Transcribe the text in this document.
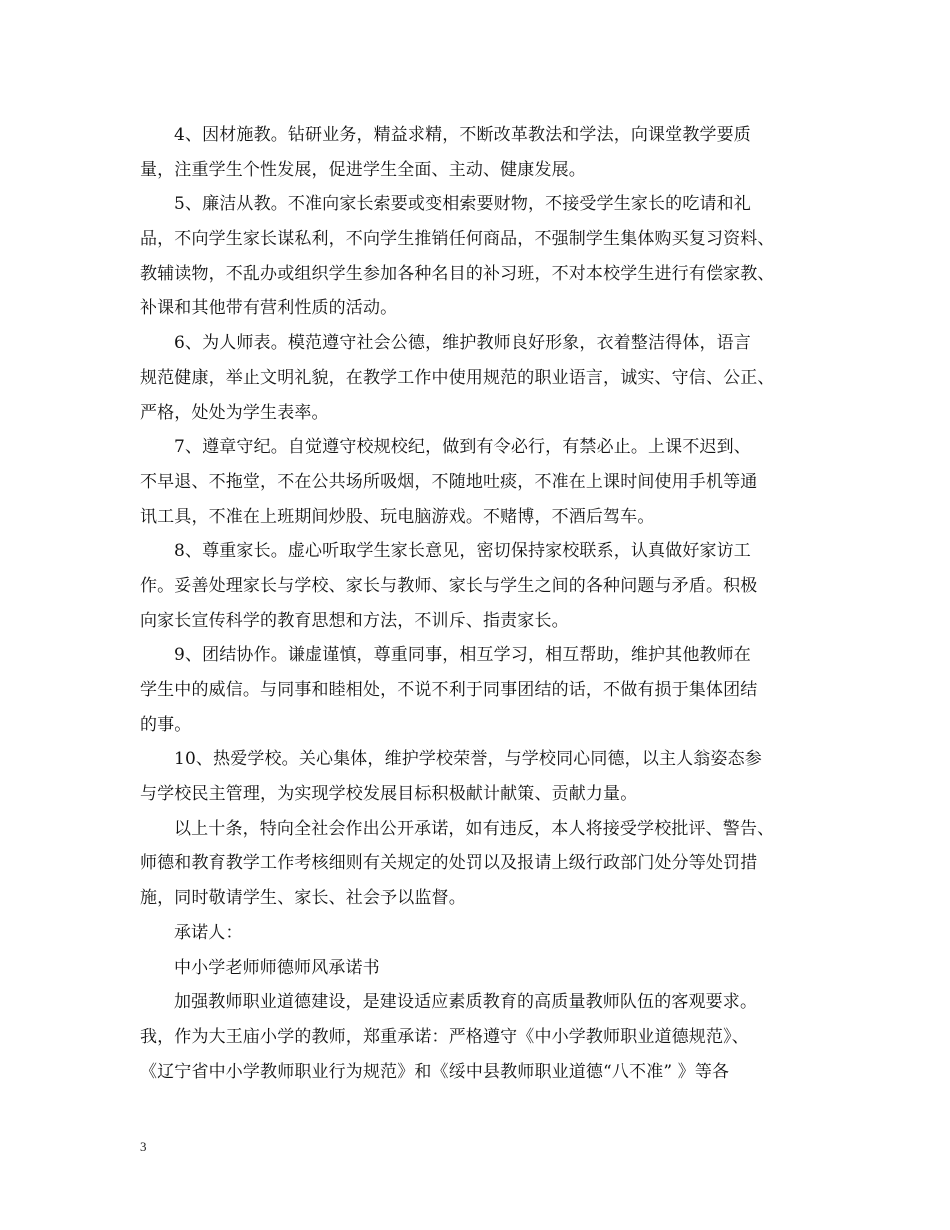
4、因材施教。钻研业务，精益求精，不断改革教法和学法，向课堂教学要质
量，注重学生个性发展，促进学生全面、主动、健康发展。
5、廉洁从教。不准向家长索要或变相索要财物，不接受学生家长的吃请和礼
品，不向学生家长谋私利，不向学生推销任何商品，不强制学生集体购买复习资料、
教辅读物，不乱办或组织学生参加各种名目的补习班，不对本校学生进行有偿家教、
补课和其他带有营利性质的活动。
6、为人师表。模范遵守社会公德，维护教师良好形象，衣着整洁得体，语言
规范健康，举止文明礼貌，在教学工作中使用规范的职业语言，诚实、守信、公正、
严格，处处为学生表率。
7、遵章守纪。自觉遵守校规校纪，做到有令必行，有禁必止。上课不迟到、
不早退、不拖堂，不在公共场所吸烟，不随地吐痰，不准在上课时间使用手机等通
讯工具，不准在上班期间炒股、玩电脑游戏。不赌博，不酒后驾车。
8、尊重家长。虚心听取学生家长意见，密切保持家校联系，认真做好家访工
作。妥善处理家长与学校、家长与教师、家长与学生之间的各种问题与矛盾。积极
向家长宣传科学的教育思想和方法，不训斥、指责家长。
9、团结协作。谦虚谨慎，尊重同事，相互学习，相互帮助，维护其他教师在
学生中的威信。与同事和睦相处，不说不利于同事团结的话，不做有损于集体团结
的事。
10、热爱学校。关心集体，维护学校荣誉，与学校同心同德，以主人翁姿态参
与学校民主管理，为实现学校发展目标积极献计献策、贡献力量。
以上十条，特向全社会作出公开承诺，如有违反，本人将接受学校批评、警告、
师德和教育教学工作考核细则有关规定的处罚以及报请上级行政部门处分等处罚措
施，同时敬请学生、家长、社会予以监督。
承诺人：
中小学老师师德师风承诺书
加强教师职业道德建设，是建设适应素质教育的高质量教师队伍的客观要求。
我，作为大王庙小学的教师，郑重承诺：严格遵守《中小学教师职业道德规范》、
《辽宁省中小学教师职业行为规范》和《绥中县教师职业道德“八不准” 》等各
3
